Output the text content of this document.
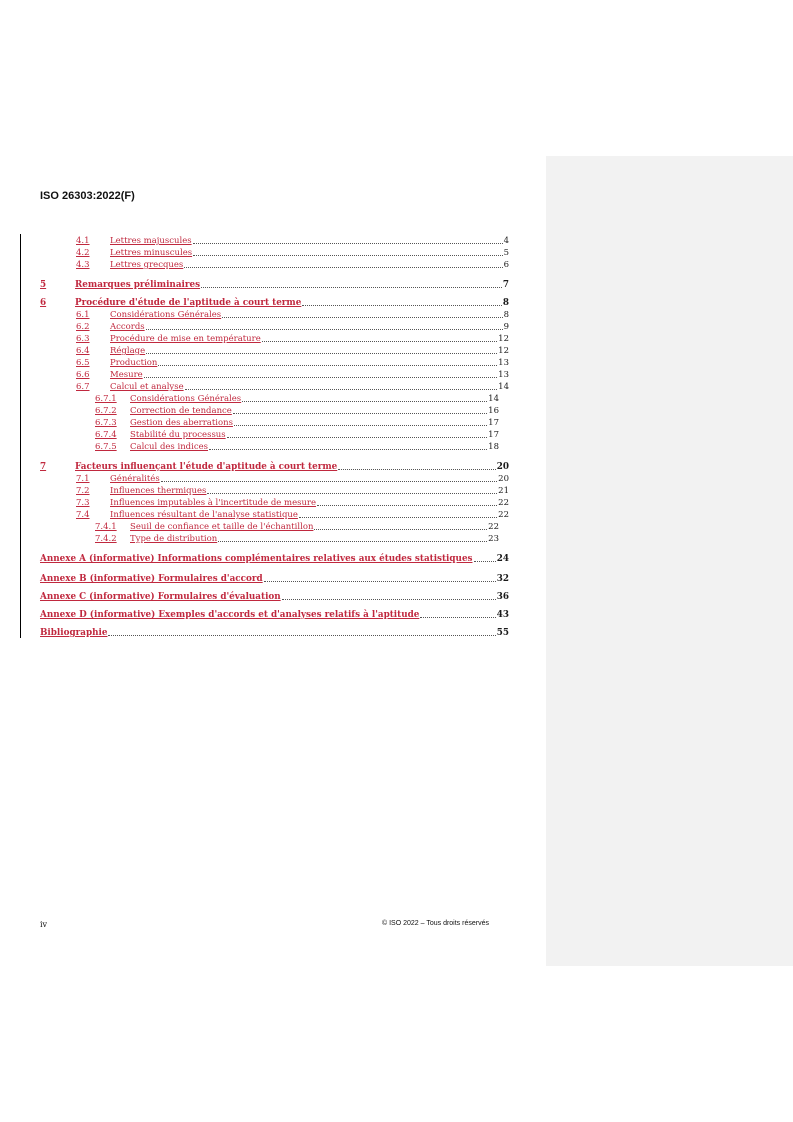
ISO 26303:2022(F)
4.1	Lettres majuscules	4
4.2	Lettres minuscules	5
4.3	Lettres grecques	6
5	Remarques préliminaires	7
6	Procédure d'étude de l'aptitude à court terme	8
6.1	Considérations Générales	8
6.2	Accords	9
6.3	Procédure de mise en température	12
6.4	Réglage	12
6.5	Production	13
6.6	Mesure	13
6.7	Calcul et analyse	14
6.7.1	Considérations Générales	14
6.7.2	Correction de tendance	16
6.7.3	Gestion des aberrations	17
6.7.4	Stabilité du processus	17
6.7.5	Calcul des indices	18
7	Facteurs influençant l'étude d'aptitude à court terme	20
7.1	Généralités	20
7.2	Influences thermiques	21
7.3	Influences imputables à l'incertitude de mesure	22
7.4	Influences résultant de l'analyse statistique	22
7.4.1	Seuil de confiance et taille de l'échantillon	22
7.4.2	Type de distribution	23
Annexe A (informative) Informations complémentaires relatives aux études statistiques	24
Annexe B (informative) Formulaires d'accord	32
Annexe C (informative) Formulaires d'évaluation	36
Annexe D (informative) Exemples d'accords et d'analyses relatifs à l'aptitude	43
Bibliographie	55
iv	© ISO 2022 – Tous droits réservés
